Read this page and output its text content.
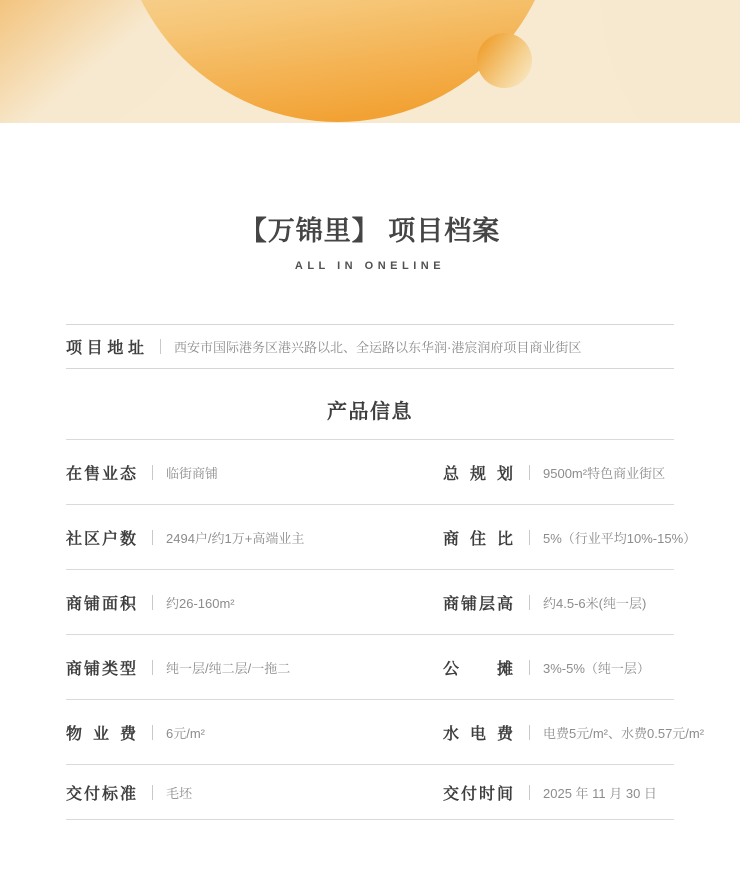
【万锦里】 项目档案
ALL IN ONELINE
项目地址 西安市国际港务区港兴路以北、全运路以东华润·港宸润府项目商业街区
产品信息
在售业态 临街商铺	总规划 9500m²特色商业街区
社区户数 2494户/约1万+高端业主	商住比 5%（行业平均10%-15%）
商铺面积 约26-160m²	商铺层高 约4.5-6米(纯一层)
商铺类型 纯一层/纯二层/一拖二	公摊 3%-5%（纯一层）
物业费 6元/m²	水电费 电费5元/m²、水费0.57元/m²
交付标准 毛坯	交付时间 2025 年 11 月 30 日
